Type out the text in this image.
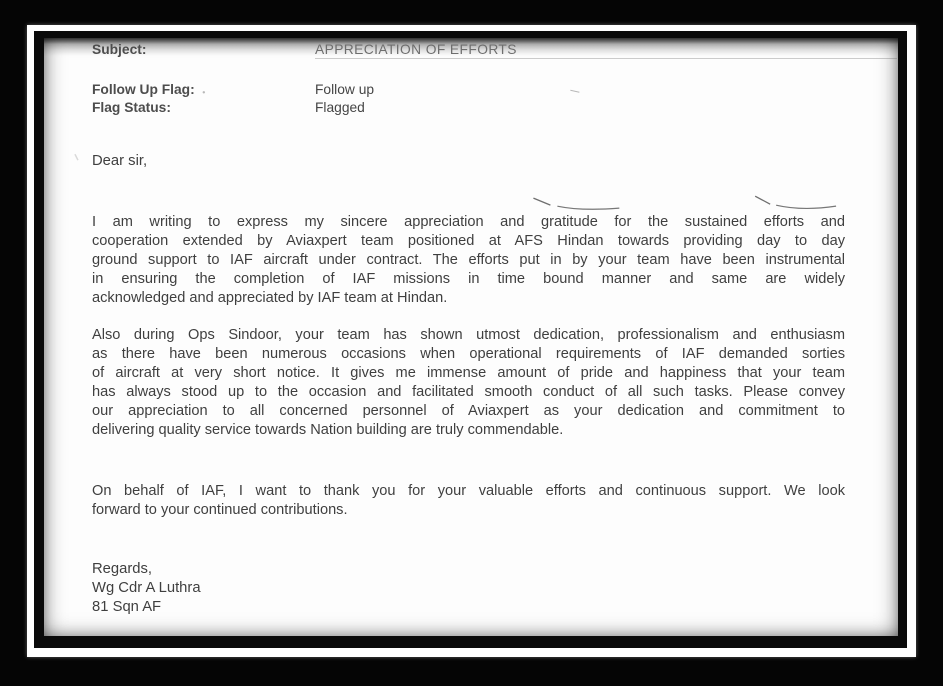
Subject:	APPRECIATION OF EFFORTS
Follow Up Flag:	Follow up
Flag Status:	Flagged
Dear sir,
I am writing to express my sincere appreciation and gratitude for the sustained efforts and
cooperation extended by Aviaxpert team positioned at AFS Hindan towards providing day to day
ground support to IAF aircraft under contract. The efforts put in by your team have been instrumental
in ensuring the completion of IAF missions in time bound manner and same are widely
acknowledged and appreciated by IAF team at Hindan.
Also during Ops Sindoor, your team has shown utmost dedication, professionalism and enthusiasm
as there have been numerous occasions when operational requirements of IAF demanded sorties
of aircraft at very short notice. It gives me immense amount of pride and happiness that your team
has always stood up to the occasion and facilitated smooth conduct of all such tasks. Please convey
our appreciation to all concerned personnel of Aviaxpert as your dedication and commitment to
delivering quality service towards Nation building are truly commendable.
On behalf of IAF, I want to thank you for your valuable efforts and continuous support. We look
forward to your continued contributions.
Regards,
Wg Cdr A Luthra
81 Sqn AF
